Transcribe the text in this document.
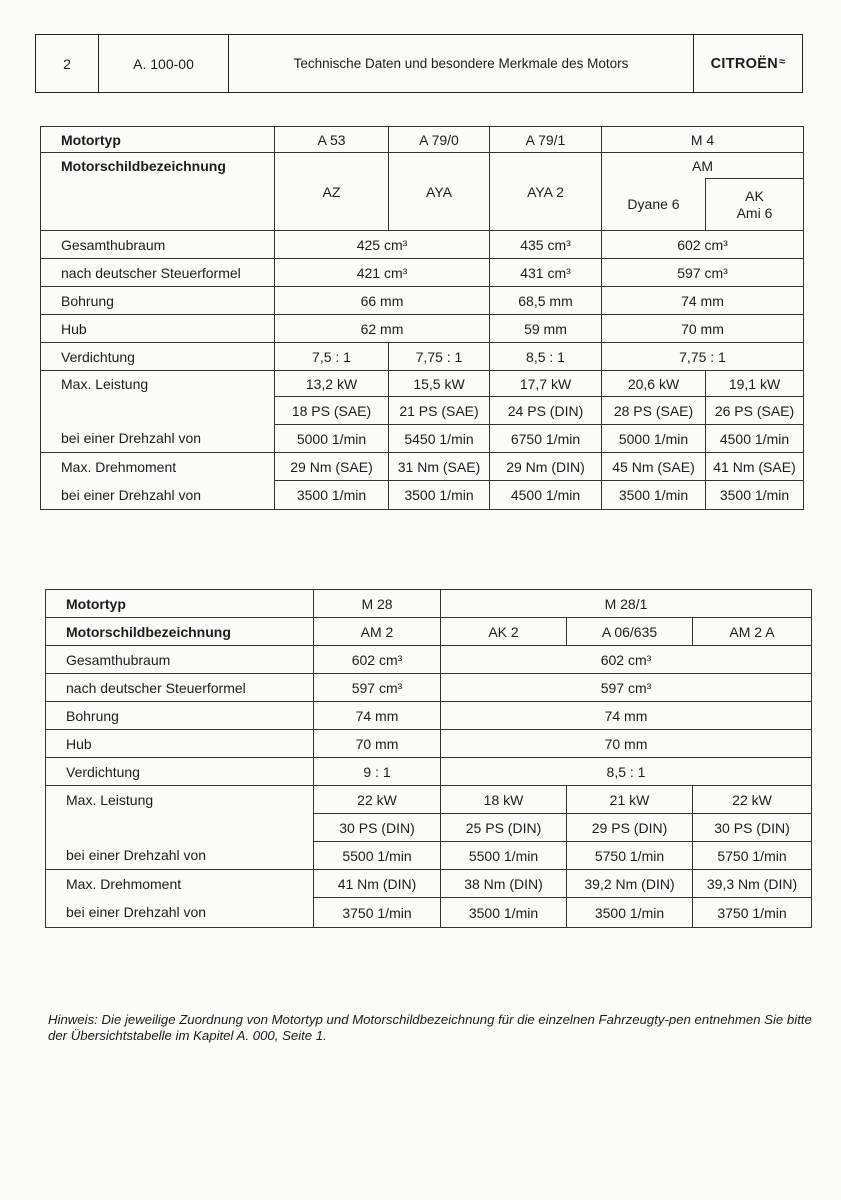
2	A. 100-00	Technische Daten und besondere Merkmale des Motors	CITROËN ≈
Motortyp	A 53	A 79/0	A 79/1	M 4	
Motorschildbezeichnung	AZ	AYA	AYA 2	AM	
				Dyane 6	AK
Ami 6

Gesamthubraum	425 cm³		435 cm³	602 cm³	
nach deutscher Steuerformel	421 cm³		431 cm³	597 cm³	
Bohrung	66 mm		68,5 mm	74 mm	
Hub	62 mm		59 mm	70 mm	
Verdichtung	7,5 : 1	7,75 : 1	8,5 : 1	7,75 : 1	
Max. Leistung	13,2 kW	15,5 kW	17,7 kW	20,6 kW	19,1 kW
	18 PS (SAE)	21 PS (SAE)	24 PS (DIN)	28 PS (SAE)	26 PS (SAE)
bei einer Drehzahl von	5000 1/min	5450 1/min	6750 1/min	5000 1/min	4500 1/min
Max. Drehmoment	29 Nm (SAE)	31 Nm (SAE)	29 Nm (DIN)	45 Nm (SAE)	41 Nm (SAE)
bei einer Drehzahl von	3500 1/min	3500 1/min	4500 1/min	3500 1/min	3500 1/min
Motortyp	M 28	M 28/1		
Motorschildbezeichnung	AM 2	AK 2	A 06/635	AM 2 A
Gesamthubraum	602 cm³	602 cm³		
nach deutscher Steuerformel	597 cm³	597 cm³		
Bohrung	74 mm	74 mm		
Hub	70 mm	70 mm		
Verdichtung	9 : 1	8,5 : 1		
Max. Leistung	22 kW	18 kW	21 kW	22 kW
	30 PS (DIN)	25 PS (DIN)	29 PS (DIN)	30 PS (DIN)
bei einer Drehzahl von	5500 1/min	5500 1/min	5750 1/min	5750 1/min
Max. Drehmoment	41 Nm (DIN)	38 Nm (DIN)	39,2 Nm (DIN)	39,3 Nm (DIN)
bei einer Drehzahl von	3750 1/min	3500 1/min	3500 1/min	3750 1/min
Hinweis: Die jeweilige Zuordnung von Motortyp und Motorschildbezeichnung für die einzelnen Fahrzeugty-pen entnehmen Sie bitte der Übersichtstabelle im Kapitel A. 000, Seite 1.
